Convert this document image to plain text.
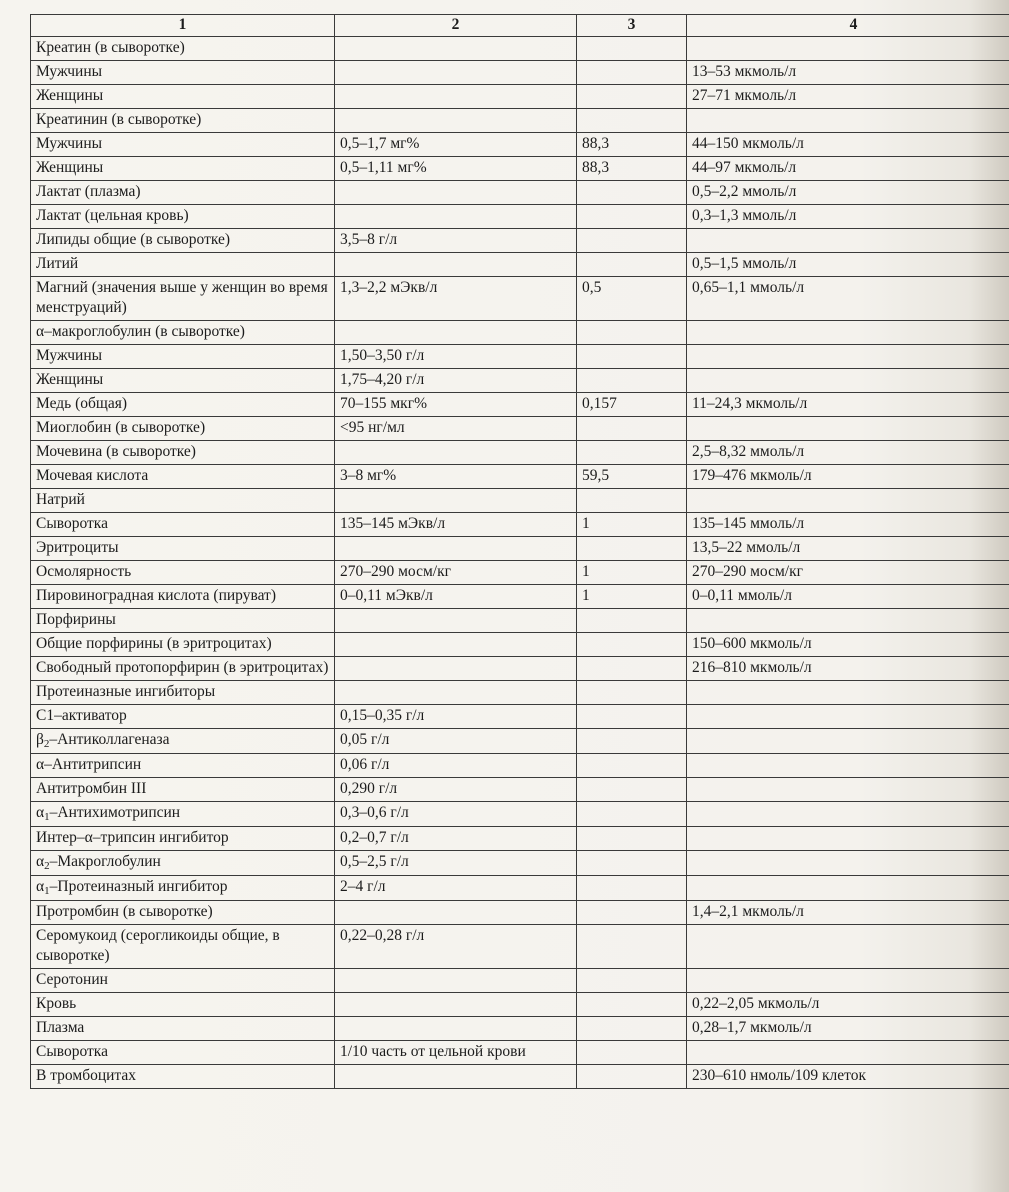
1	2	3	4
Креатин (в сыворотке)			
Мужчины			13–53 мкмоль/л
Женщины			27–71 мкмоль/л
Креатинин (в сыворотке)			
Мужчины	0,5–1,7 мг%	88,3	44–150 мкмоль/л
Женщины	0,5–1,11 мг%	88,3	44–97 мкмоль/л
Лактат (плазма)			0,5–2,2 ммоль/л
Лактат (цельная кровь)			0,3–1,3 ммоль/л
Липиды общие (в сыворотке)	3,5–8 г/л		
Литий			0,5–1,5 ммоль/л
Магний (значения выше у женщин во время менструаций)	1,3–2,2 мЭкв/л	0,5	0,65–1,1 ммоль/л
α–макроглобулин (в сыворотке)			
Мужчины	1,50–3,50 г/л		
Женщины	1,75–4,20 г/л		
Медь (общая)	70–155 мкг%	0,157	11–24,3 мкмоль/л
Миоглобин (в сыворотке)	<95 нг/мл		
Мочевина (в сыворотке)			2,5–8,32 ммоль/л
Мочевая кислота	3–8 мг%	59,5	179–476 мкмоль/л
Натрий			
Сыворотка	135–145 мЭкв/л	1	135–145 ммоль/л
Эритроциты			13,5–22 ммоль/л
Осмолярность	270–290 мосм/кг	1	270–290 мосм/кг
Пировиноградная кислота (пируват)	0–0,11 мЭкв/л	1	0–0,11 ммоль/л
Порфирины			
Общие порфирины (в эритроцитах)			150–600 мкмоль/л
Свободный протопорфирин (в эритроцитах)			216–810 мкмоль/л
Протеиназные ингибиторы			
С1–активатор	0,15–0,35 г/л		
β2–Антиколлагеназа	0,05 г/л		
α–Антитрипсин	0,06 г/л		
Антитромбин III	0,290 г/л		
α1–Антихимотрипсин	0,3–0,6 г/л		
Интер–α–трипсин ингибитор	0,2–0,7 г/л		
α2–Макроглобулин	0,5–2,5 г/л		
α1–Протеиназный ингибитор	2–4 г/л		
Протромбин (в сыворотке)			1,4–2,1 мкмоль/л
Серомукоид (серогликоиды общие, в сыворотке)	0,22–0,28 г/л		
Серотонин			
Кровь			0,22–2,05 мкмоль/л
Плазма			0,28–1,7 мкмоль/л
Сыворотка	1/10 часть от цельной крови		
В тромбоцитах			230–610 нмоль/109 клеток
